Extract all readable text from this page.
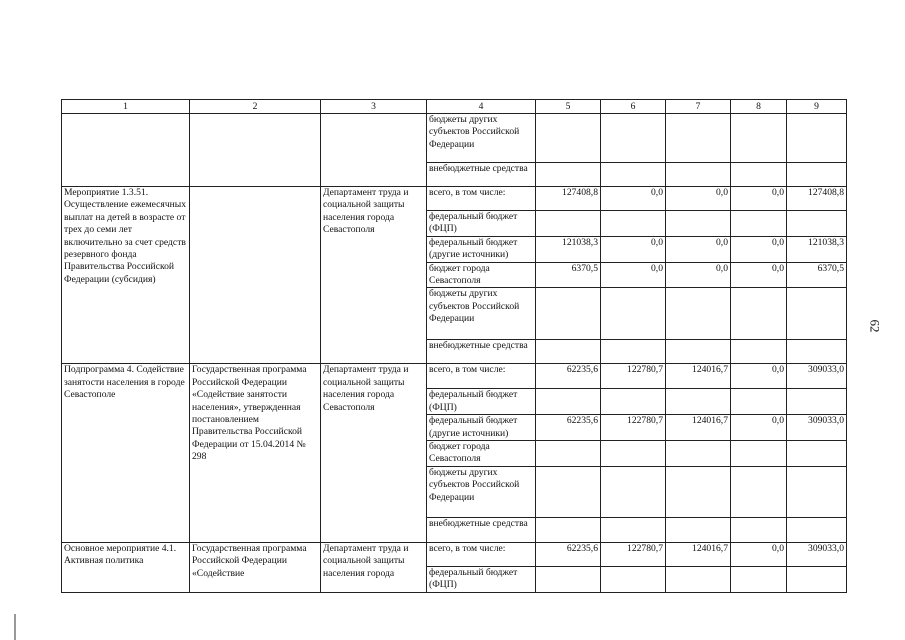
1	2	3	4	5	6	7	8	9
			бюджеты других субъектов Российской Федерации					
			внебюджетные средства					
Мероприятие 1.3.51. Осуществление ежемесячных выплат на детей в возрасте от трех до семи лет включительно за счет средств резервного фонда Правительства Российской Федерации (субсидия)		Департамент труда и социальной защиты населения города Севастополя	всего, в том числе:	127408,8	0,0	0,0	0,0	127408,8
			федеральный бюджет (ФЦП)					
			федеральный бюджет (другие источники)	121038,3	0,0	0,0	0,0	121038,3
			бюджет города Севастополя	6370,5	0,0	0,0	0,0	6370,5
			бюджеты других субъектов Российской Федерации					
			внебюджетные средства					
Подпрограмма 4. Содействие занятости населения в городе Севастополе	Государственная программа Российской Федерации «Содействие занятости населения», утвержденная постановлением Правительства Российской Федерации от 15.04.2014 № 298	Департамент труда и социальной защиты населения города Севастополя	всего, в том числе:	62235,6	122780,7	124016,7	0,0	309033,0
			федеральный бюджет (ФЦП)					
			федеральный бюджет (другие источники)	62235,6	122780,7	124016,7	0,0	309033,0
			бюджет города Севастополя					
			бюджеты других субъектов Российской Федерации					
			внебюджетные средства					
Основное мероприятие 4.1. Активная политика	Государственная программа Российской Федерации «Содействие	Департамент труда и социальной защиты населения города	всего, в том числе:	62235,6	122780,7	124016,7	0,0	309033,0
			федеральный бюджет (ФЦП)					
62
